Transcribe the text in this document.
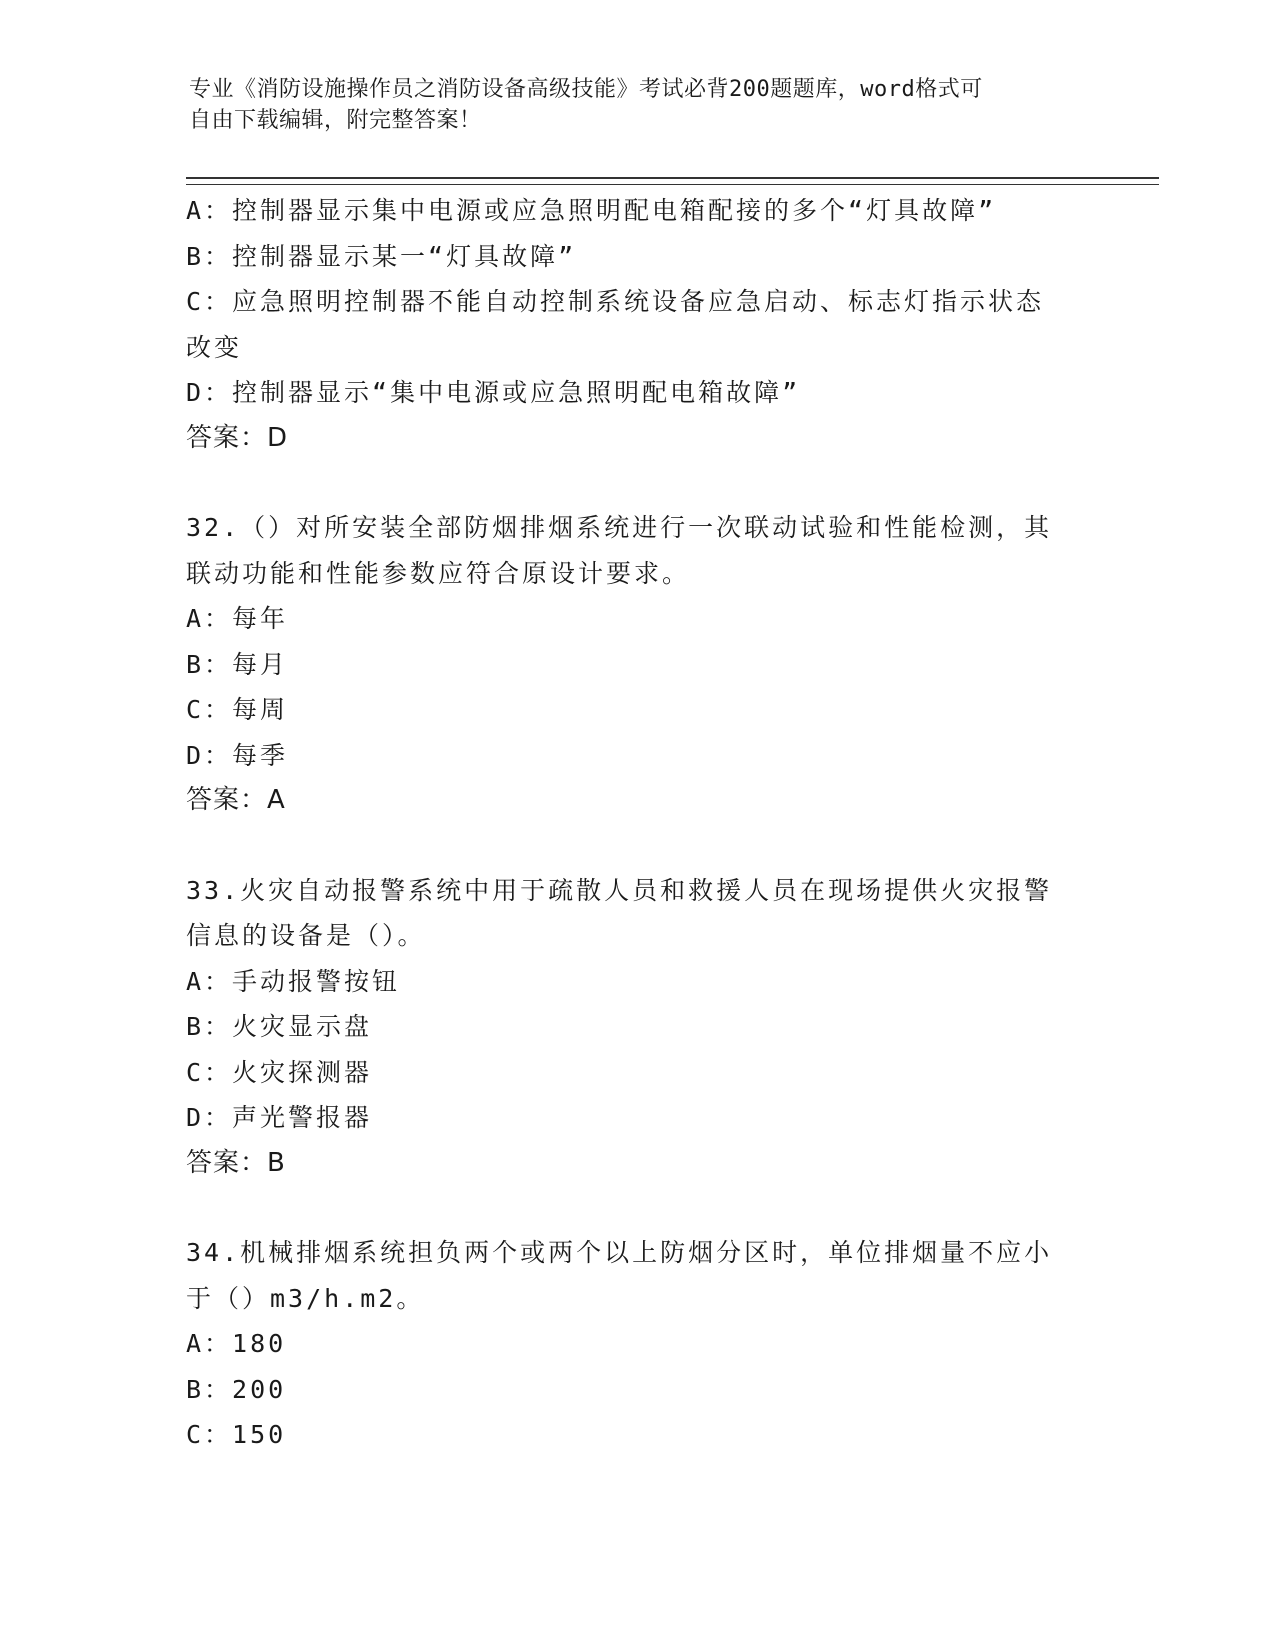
专业《消防设施操作员之消防设备高级技能》考试必背200题题库，word格式可
自由下载编辑，附完整答案！
A：控制器显示集中电源或应急照明配电箱配接的多个“灯具故障”
B：控制器显示某一“灯具故障”
C：应急照明控制器不能自动控制系统设备应急启动、标志灯指示状态
改变
D：控制器显示“集中电源或应急照明配电箱故障”
答案：D
32.（）对所安装全部防烟排烟系统进行一次联动试验和性能检测，其
联动功能和性能参数应符合原设计要求。
A：每年
B：每月
C：每周
D：每季
答案：A
33.火灾自动报警系统中用于疏散人员和救援人员在现场提供火灾报警
信息的设备是（）。
A：手动报警按钮
B：火灾显示盘
C：火灾探测器
D：声光警报器
答案：B
34.机械排烟系统担负两个或两个以上防烟分区时，单位排烟量不应小
于（）m3/h.m2。
A：180
B：200
C：150
